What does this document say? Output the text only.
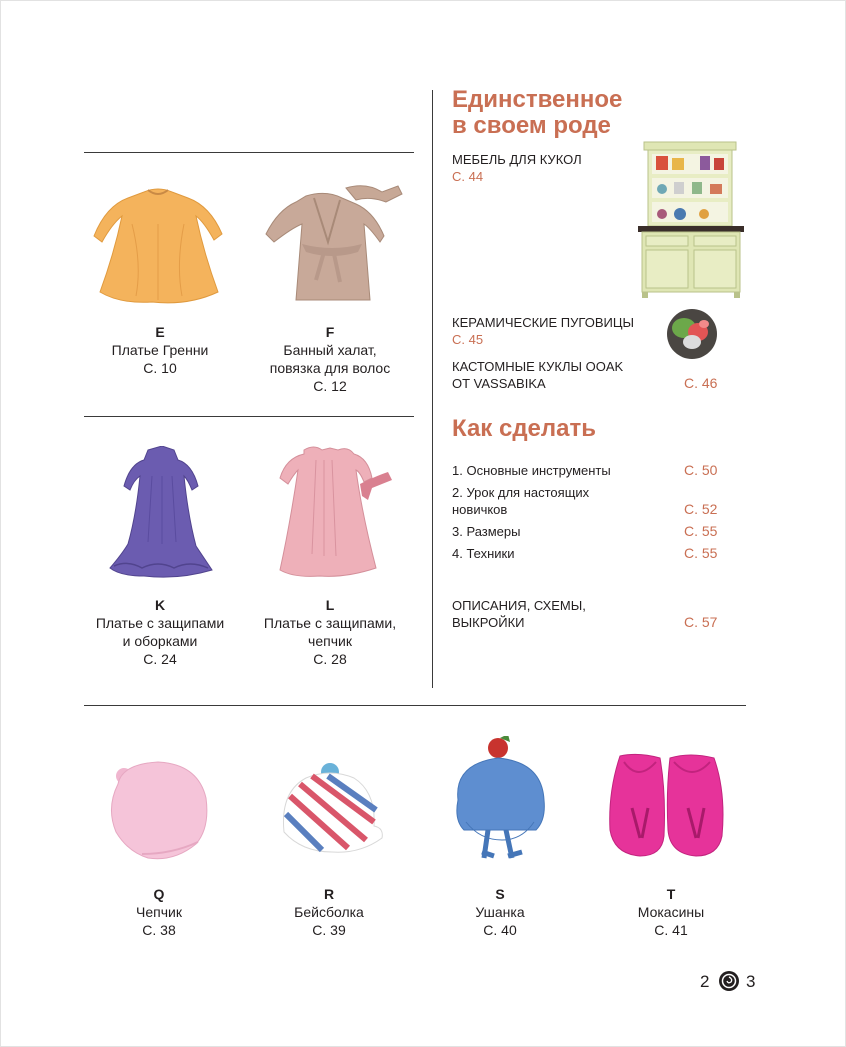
E
Платье Гренни
С. 10
F
Банный халат,
повязка для волос
С. 12
K
Платье с защипами
и оборками
С. 24
L
Платье с защипами,
чепчик
С. 28
Единственное
в своем роде
МЕБЕЛЬ ДЛЯ КУКОЛ
С. 44
КЕРАМИЧЕСКИЕ ПУГОВИЦЫ
С. 45
КАСТОМНЫЕ КУКЛЫ OOAK
ОТ VASSABIKA	С. 46
Как сделать
1. Основные инструменты	С. 50
2. Урок для настоящих
новичков	С. 52
3. Размеры	С. 55
4. Техники	С. 55
ОПИСАНИЯ, СХЕМЫ,
ВЫКРОЙКИ	С. 57
Q
Чепчик
С. 38
R
Бейсболка
С. 39
S
Ушанка
С. 40
T
Мокасины
С. 41
2 3
